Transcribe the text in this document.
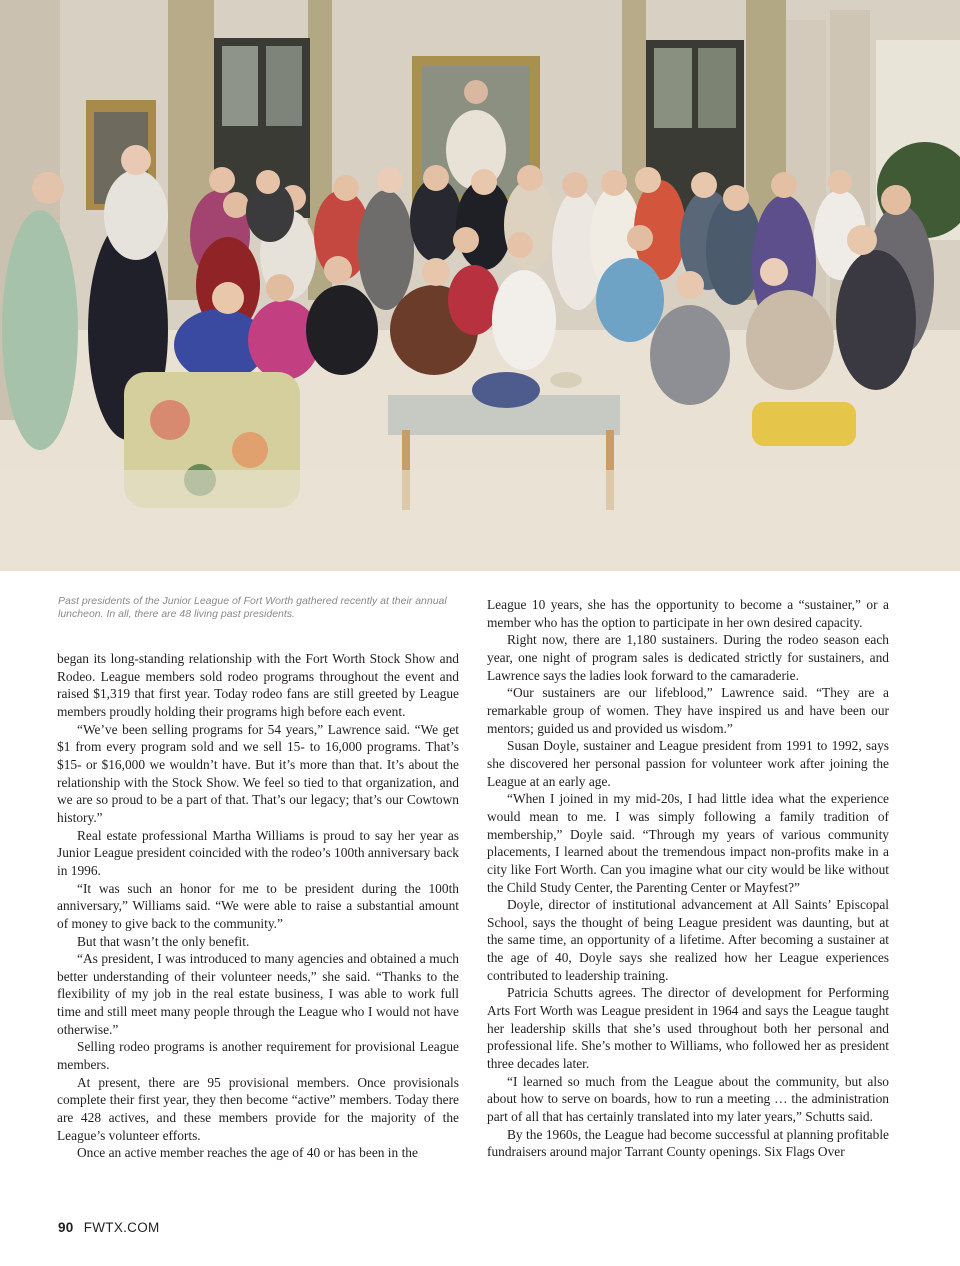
Past presidents of the Junior League of Fort Worth gathered recently at their annual luncheon. In all, there are 48 living past presidents.

began its long-standing relationship with the Fort Worth Stock Show and Rodeo. League members sold rodeo programs throughout the event and raised $1,319 that first year. Today rodeo fans are still greeted by League members proudly holding their programs high before each event.

“We’ve been selling programs for 54 years,” Lawrence said. “We get $1 from every program sold and we sell 15- to 16,000 programs. That’s $15- or $16,000 we wouldn’t have. But it’s more than that. It’s about the relationship with the Stock Show. We feel so tied to that organization, and we are so proud to be a part of that. That’s our legacy; that’s our Cowtown history.”

Real estate professional Martha Williams is proud to say her year as Junior League president coincided with the rodeo’s 100th anniversary back in 1996.

“It was such an honor for me to be president during the 100th anniversary,” Williams said. “We were able to raise a substantial amount of money to give back to the community.”

But that wasn’t the only benefit.

“As president, I was introduced to many agencies and obtained a much better understanding of their volunteer needs,” she said. “Thanks to the flexibility of my job in the real estate business, I was able to work full time and still meet many people through the League who I would not have otherwise.”

Selling rodeo programs is another requirement for provisional League members.

At present, there are 95 provisional members. Once provisionals complete their first year, they then become “active” members. Today there are 428 actives, and these members provide for the majority of the League’s volunteer efforts.

Once an active member reaches the age of 40 or has been in the

League 10 years, she has the opportunity to become a “sustainer,” or a member who has the option to participate in her own desired capacity.

Right now, there are 1,180 sustainers. During the rodeo season each year, one night of program sales is dedicated strictly for sustainers, and Lawrence says the ladies look forward to the camaraderie.

“Our sustainers are our lifeblood,” Lawrence said. “They are a remarkable group of women. They have inspired us and have been our mentors; guided us and provided us wisdom.”

Susan Doyle, sustainer and League president from 1991 to 1992, says she discovered her personal passion for volunteer work after joining the League at an early age.

“When I joined in my mid-20s, I had little idea what the experience would mean to me. I was simply following a family tradition of membership,” Doyle said. “Through my years of various community placements, I learned about the tremendous impact non-profits make in a city like Fort Worth. Can you imagine what our city would be like without the Child Study Center, the Parenting Center or Mayfest?”

Doyle, director of institutional advancement at All Saints’ Episcopal School, says the thought of being League president was daunting, but at the same time, an opportunity of a lifetime. After becoming a sustainer at the age of 40, Doyle says she realized how her League experiences contributed to leadership training.

Patricia Schutts agrees. The director of development for Performing Arts Fort Worth was League president in 1964 and says the League taught her leadership skills that she’s used throughout both her personal and professional life. She’s mother to Williams, who followed her as president three decades later.

“I learned so much from the League about the community, but also about how to serve on boards, how to run a meeting … the administration part of all that has certainly translated into my later years,” Schutts said.

By the 1960s, the League had become successful at planning profitable fundraisers around major Tarrant County openings. Six Flags Over

90 FWTX.COM
